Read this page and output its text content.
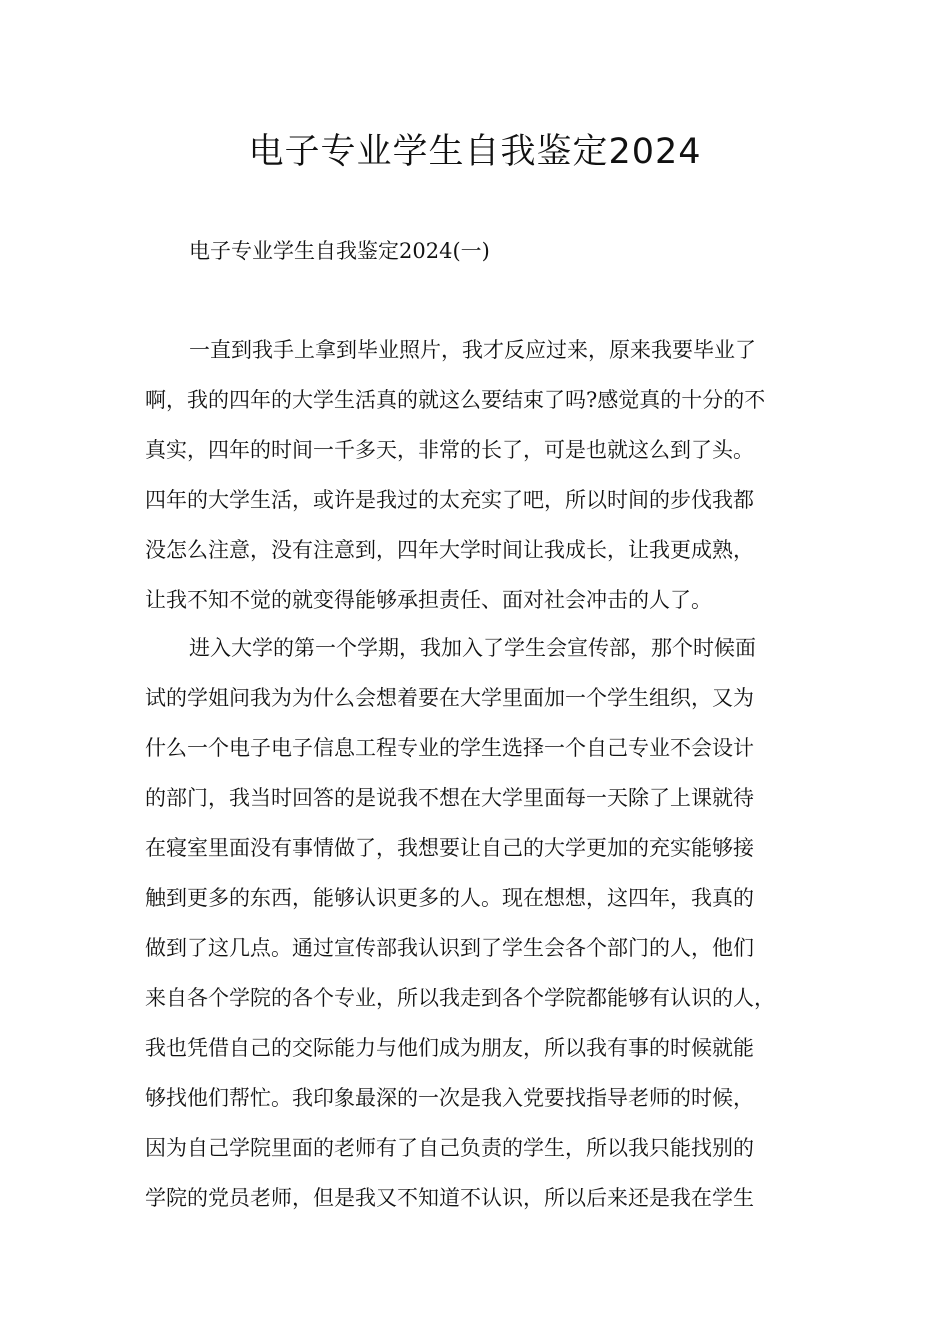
电子专业学生自我鉴定2024
电子专业学生自我鉴定2024(一)
一直到我手上拿到毕业照片，我才反应过来，原来我要毕业了
啊，我的四年的大学生活真的就这么要结束了吗?感觉真的十分的不
真实，四年的时间一千多天，非常的长了，可是也就这么到了头。
四年的大学生活，或许是我过的太充实了吧，所以时间的步伐我都
没怎么注意，没有注意到，四年大学时间让我成长，让我更成熟，
让我不知不觉的就变得能够承担责任、面对社会冲击的人了。
进入大学的第一个学期，我加入了学生会宣传部，那个时候面
试的学姐问我为为什么会想着要在大学里面加一个学生组织，又为
什么一个电子电子信息工程专业的学生选择一个自己专业不会设计
的部门，我当时回答的是说我不想在大学里面每一天除了上课就待
在寝室里面没有事情做了，我想要让自己的大学更加的充实能够接
触到更多的东西，能够认识更多的人。现在想想，这四年，我真的
做到了这几点。通过宣传部我认识到了学生会各个部门的人，他们
来自各个学院的各个专业，所以我走到各个学院都能够有认识的人，
我也凭借自己的交际能力与他们成为朋友，所以我有事的时候就能
够找他们帮忙。我印象最深的一次是我入党要找指导老师的时候，
因为自己学院里面的老师有了自己负责的学生，所以我只能找别的
学院的党员老师，但是我又不知道不认识，所以后来还是我在学生
